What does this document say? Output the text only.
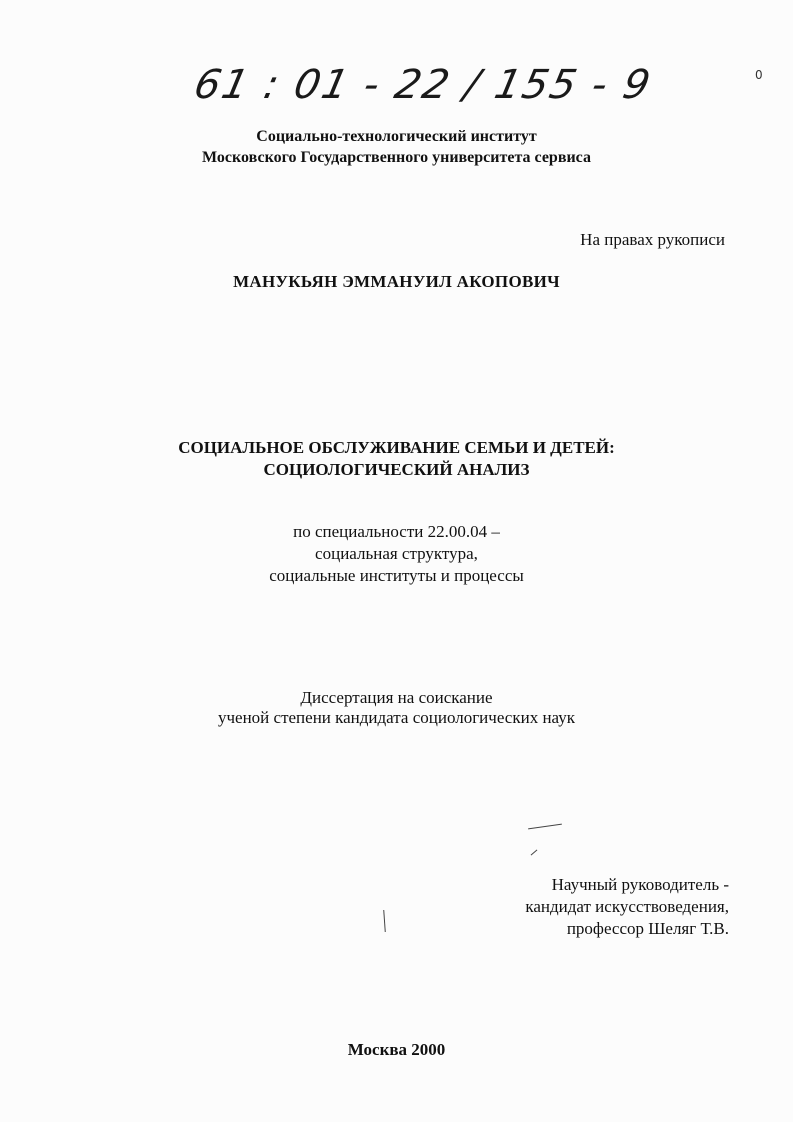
61 : 01 - 22 / 155 - 9	0
Социально-технологический институт
Московского Государственного университета сервиса
На правах рукописи
МАНУКЬЯН ЭММАНУИЛ АКОПОВИЧ
СОЦИАЛЬНОЕ ОБСЛУЖИВАНИЕ СЕМЬИ И ДЕТЕЙ:
СОЦИОЛОГИЧЕСКИЙ АНАЛИЗ
по специальности 22.00.04 –
социальная структура,
социальные институты и процессы
Диссертация на соискание
ученой степени кандидата социологических наук
Научный руководитель -
кандидат искусствоведения,
профессор Шеляг Т.В.
Москва 2000
